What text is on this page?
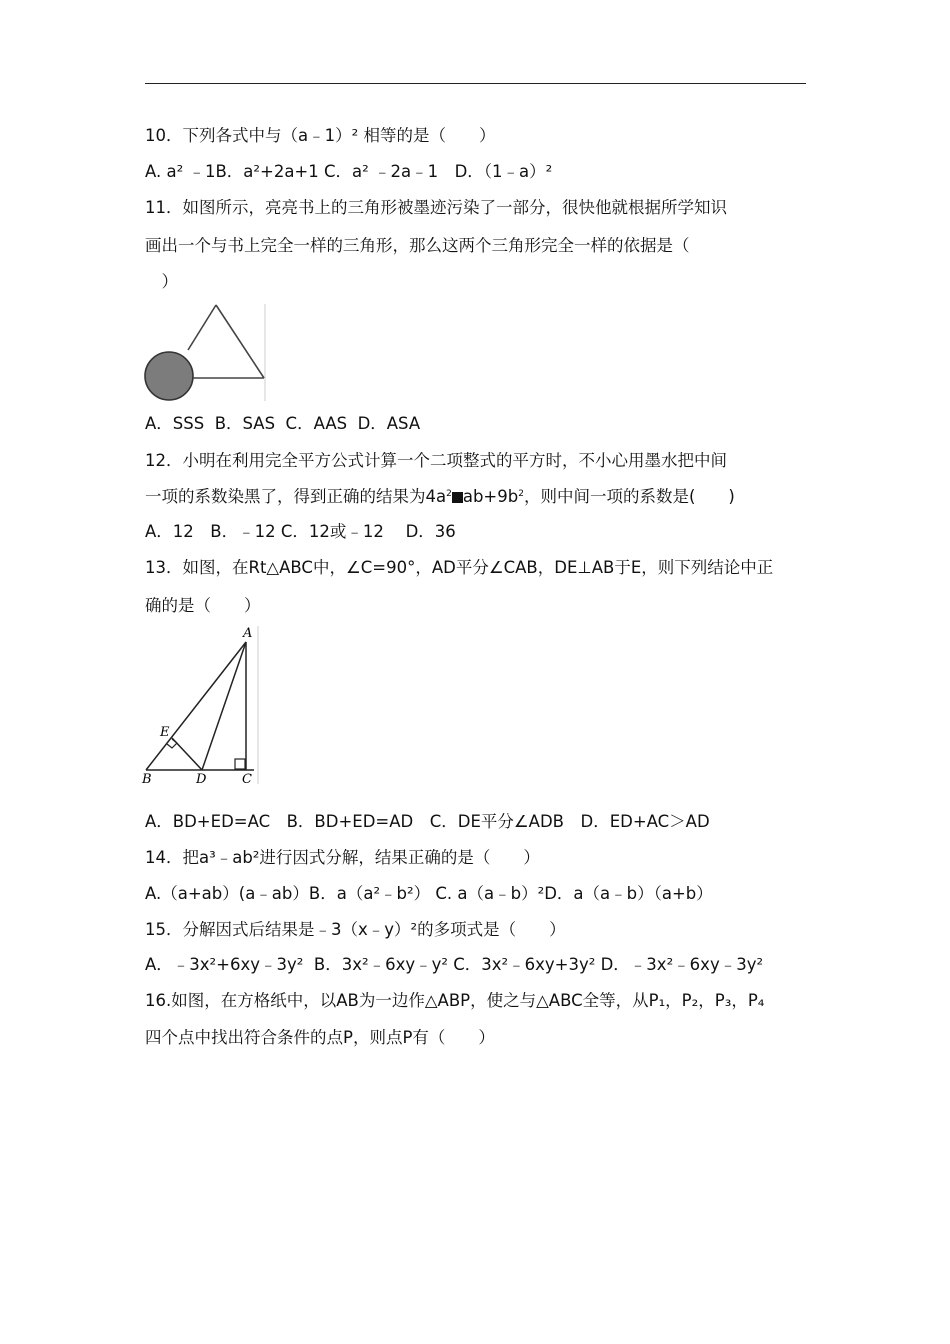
10．下列各式中与（a﹣1）² 相等的是（　　）
A. a² ﹣1B．a²+2a+1 C．a² ﹣2a﹣1　D．（1﹣a）²
11．如图所示，亮亮书上的三角形被墨迹污染了一部分，很快他就根据所学知识
画出一个与书上完全一样的三角形，那么这两个三角形完全一样的依据是（
　）
A．SSS  B．SAS  C．AAS  D．ASA
12．小明在利用完全平方公式计算一个二项整式的平方时，不小心用墨水把中间
一项的系数染黑了，得到正确的结果为$4a^2$ $ab+9b^2$，则中间一项的系数是(　　)
A．12　B．﹣12 C．12或﹣12　 D．36
13．如图，在Rt△ABC中，∠C=90°，AD平分∠CAB，DE⊥AB于E，则下列结论中正
确的是（　　）
A
B	C
D
E
A．BD+ED=AC　B．BD+ED=AD　C．DE平分∠ADB　D．ED+AC＞AD
14．把a³﹣ab²进行因式分解，结果正确的是（　　）
A.（a+ab）(a﹣ab）B．a（a²﹣b²） C. a（a﹣b）²D．a（a﹣b）（a+b）
15．分解因式后结果是﹣3（x﹣y）²的多项式是（　　）
A．﹣3x²+6xy﹣3y²  B．3x²﹣6xy﹣y² C．3x²﹣6xy+3y² D．﹣3x²﹣6xy﹣3y²
16.如图，在方格纸中，以AB为一边作△ABP，使之与△ABC全等，从P₁，P₂，P₃，P₄
四个点中找出符合条件的点P，则点P有（　　）
